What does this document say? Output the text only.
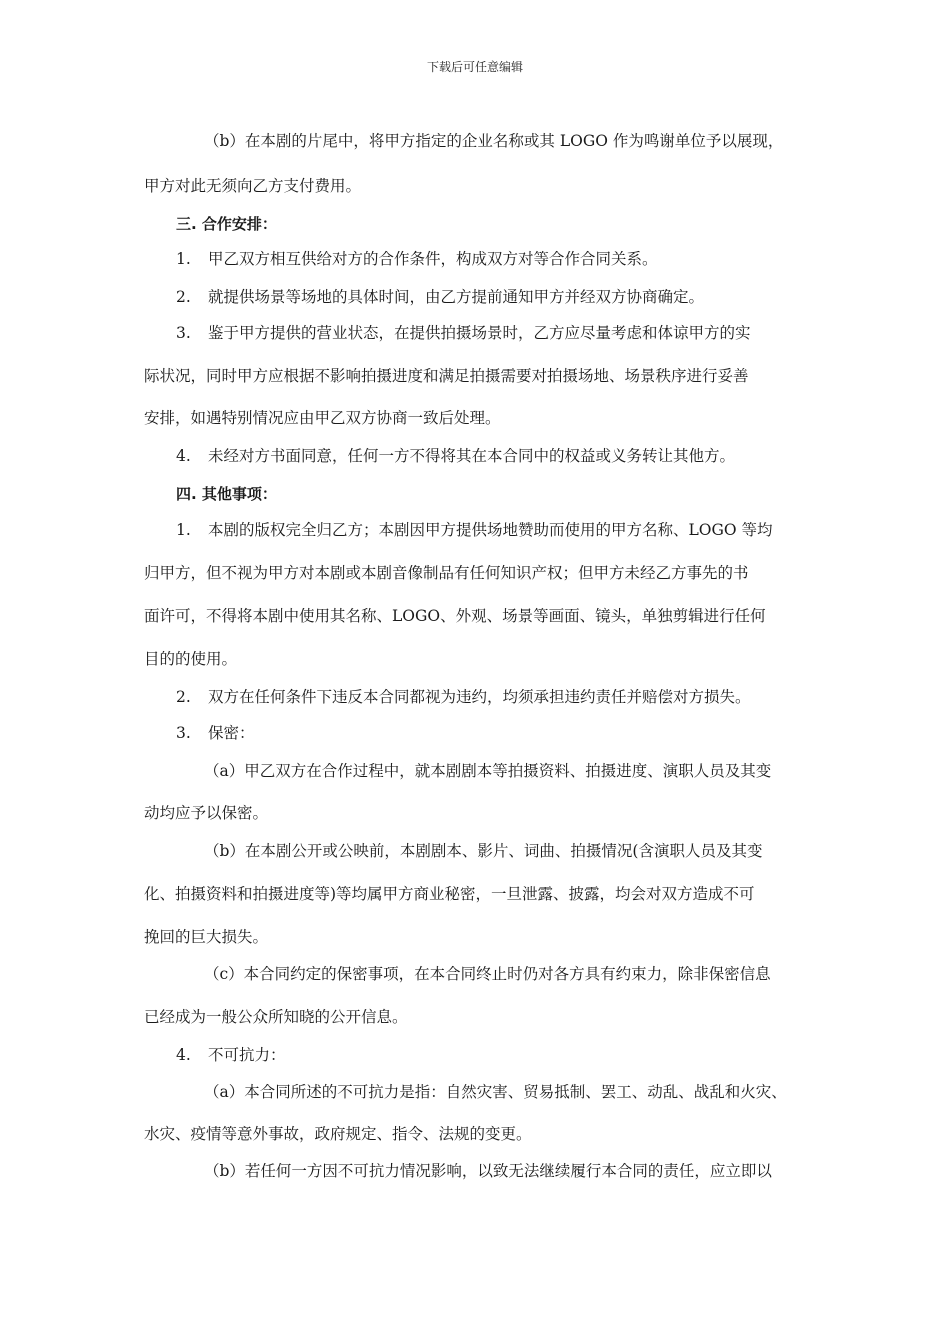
下载后可任意编辑
（b）在本剧的片尾中，将甲方指定的企业名称或其 LOGO 作为鸣谢单位予以展现，
甲方对此无须向乙方支付费用。
三. 合作安排：
1. 甲乙双方相互供给对方的合作条件，构成双方对等合作合同关系。
2. 就提供场景等场地的具体时间，由乙方提前通知甲方并经双方协商确定。
3. 鉴于甲方提供的营业状态，在提供拍摄场景时，乙方应尽量考虑和体谅甲方的实
际状况，同时甲方应根据不影响拍摄进度和满足拍摄需要对拍摄场地、场景秩序进行妥善
安排，如遇特别情况应由甲乙双方协商一致后处理。
4. 未经对方书面同意，任何一方不得将其在本合同中的权益或义务转让其他方。
四. 其他事项：
1. 本剧的版权完全归乙方；本剧因甲方提供场地赞助而使用的甲方名称、LOGO 等均
归甲方，但不视为甲方对本剧或本剧音像制品有任何知识产权；但甲方未经乙方事先的书
面许可，不得将本剧中使用其名称、LOGO、外观、场景等画面、镜头，单独剪辑进行任何
目的的使用。
2. 双方在任何条件下违反本合同都视为违约，均须承担违约责任并赔偿对方损失。
3. 保密：
（a）甲乙双方在合作过程中，就本剧剧本等拍摄资料、拍摄进度、演职人员及其变
动均应予以保密。
（b）在本剧公开或公映前，本剧剧本、影片、词曲、拍摄情况(含演职人员及其变
化、拍摄资料和拍摄进度等)等均属甲方商业秘密，一旦泄露、披露，均会对双方造成不可
挽回的巨大损失。
（c）本合同约定的保密事项，在本合同终止时仍对各方具有约束力，除非保密信息
已经成为一般公众所知晓的公开信息。
4. 不可抗力：
（a）本合同所述的不可抗力是指：自然灾害、贸易抵制、罢工、动乱、战乱和火灾、
水灾、疫情等意外事故，政府规定、指令、法规的变更。
（b）若任何一方因不可抗力情况影响，以致无法继续履行本合同的责任，应立即以
